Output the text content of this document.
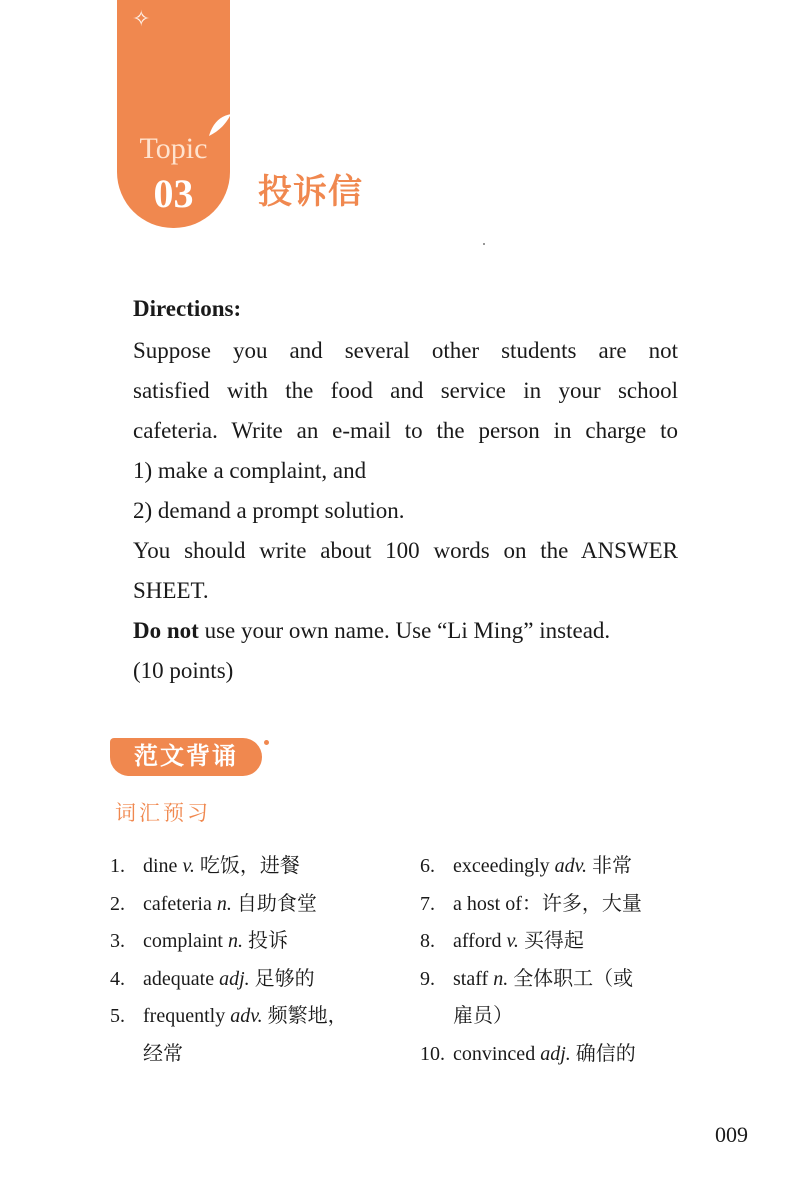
✧
Topic
03	投诉信

Directions:

Suppose you and several other students are not

satisfied with the food and service in your school

cafeteria. Write an e-mail to the person in charge to

1) make a complaint, and

2) demand a prompt solution.

You should write about 100 words on the ANSWER

SHEET.

Do not use your own name. Use “Li Ming” instead.

(10 points)

范文背诵
词汇预习
1. dine v. 吃饭，进餐
2. cafeteria n. 自助食堂
3. complaint n. 投诉
4. adequate adj. 足够的
5. frequently adv. 频繁地，
经常
6. exceedingly adv. 非常
7. a host of：许多，大量
8. afford v. 买得起
9. staff n. 全体职工（或
雇员）
10. convinced adj. 确信的
009
